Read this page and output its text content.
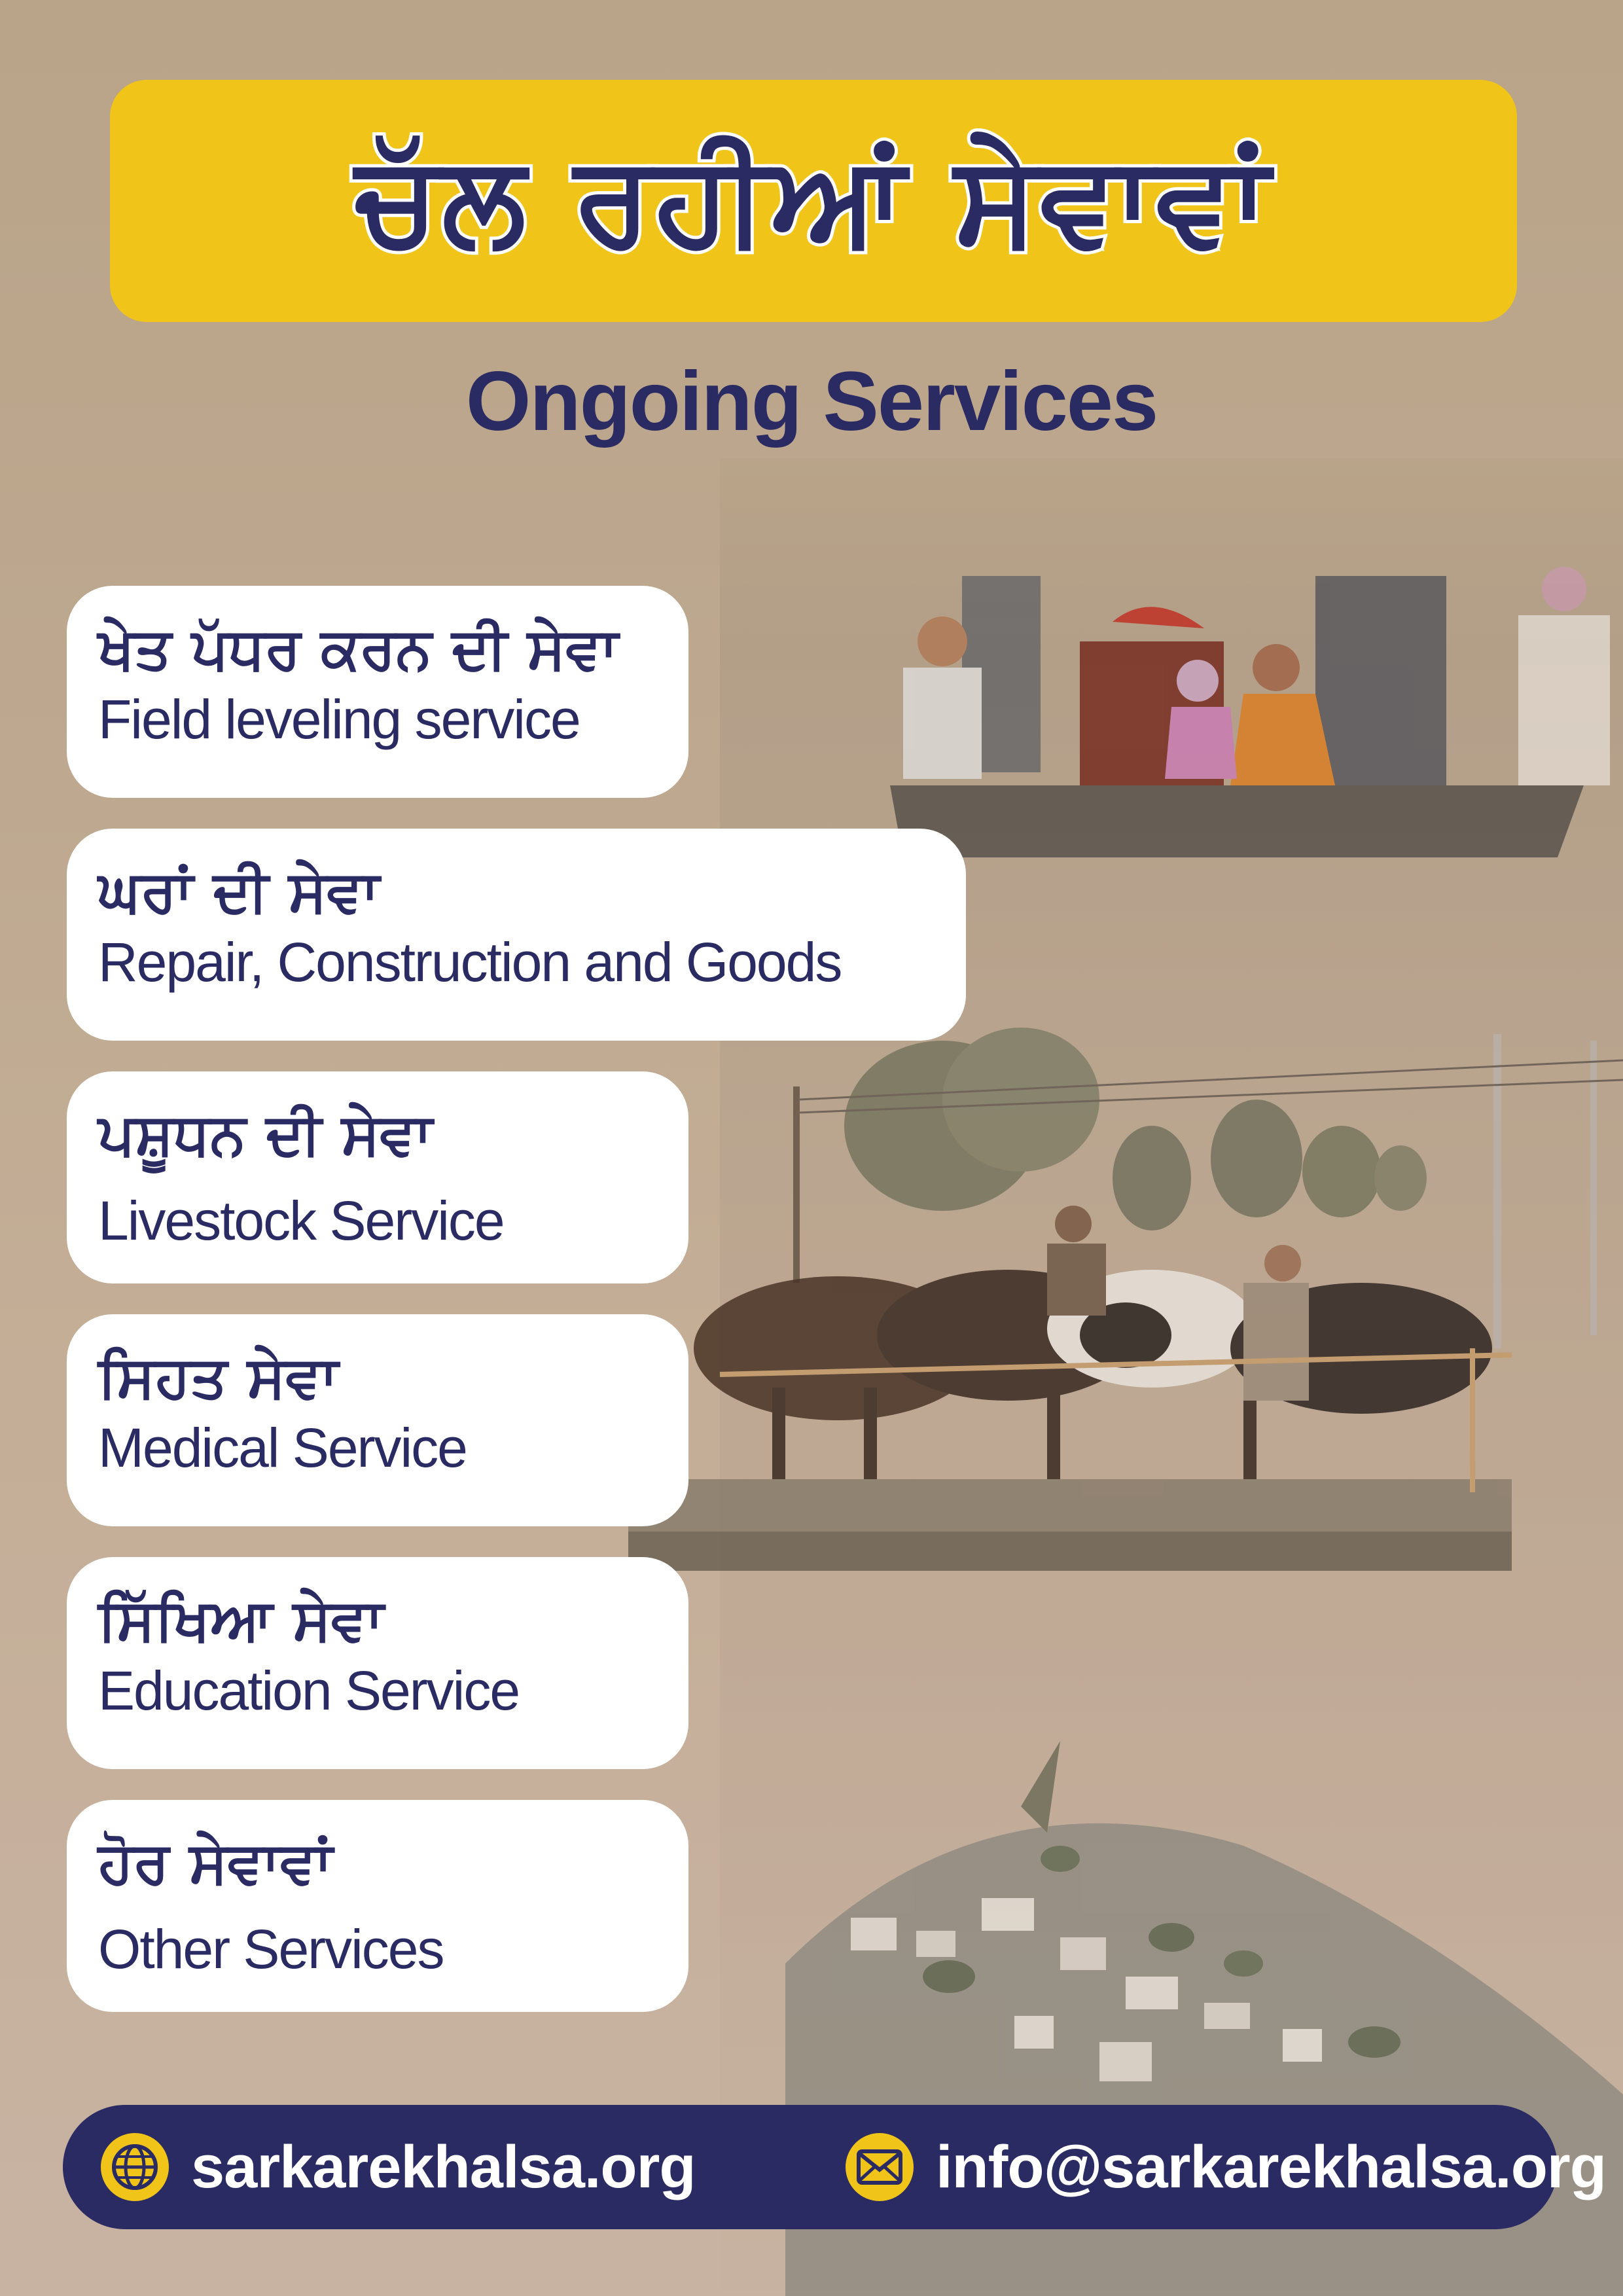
ਚੱਲ ਰਹੀਆਂ ਸੇਵਾਵਾਂ
Ongoing Services
ਖੇਤ ਪੱਧਰ ਕਰਨ ਦੀ ਸੇਵਾ
Field leveling service
ਘਰਾਂ ਦੀ ਸੇਵਾ
Repair, Construction and Goods
ਪਸ਼ੂਧਨ ਦੀ ਸੇਵਾ
Livestock Service
ਸਿਹਤ ਸੇਵਾ
Medical Service
ਸਿੱਖਿਆ ਸੇਵਾ
Education Service
ਹੋਰ ਸੇਵਾਵਾਂ
Other Services
sarkarekhalsa.org	info@sarkarekhalsa.org
